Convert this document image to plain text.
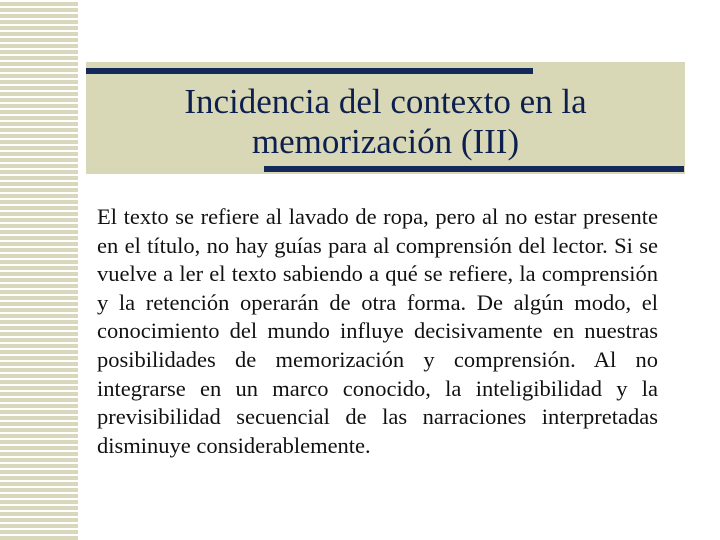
Incidencia del contexto en la
memorización (III)

El texto se refiere al lavado de ropa, pero al no estar presente en el título, no hay guías para al comprensión del lector. Si se vuelve a ler el texto sabiendo a qué se refiere, la comprensión y la retención operarán de otra forma. De algún modo, el conocimiento del mundo influye decisivamente en nuestras posibilidades de memorización y comprensión. Al no integrarse en un marco conocido, la inteligibilidad y la previsibilidad secuencial de las narraciones interpretadas disminuye considerablemente.
